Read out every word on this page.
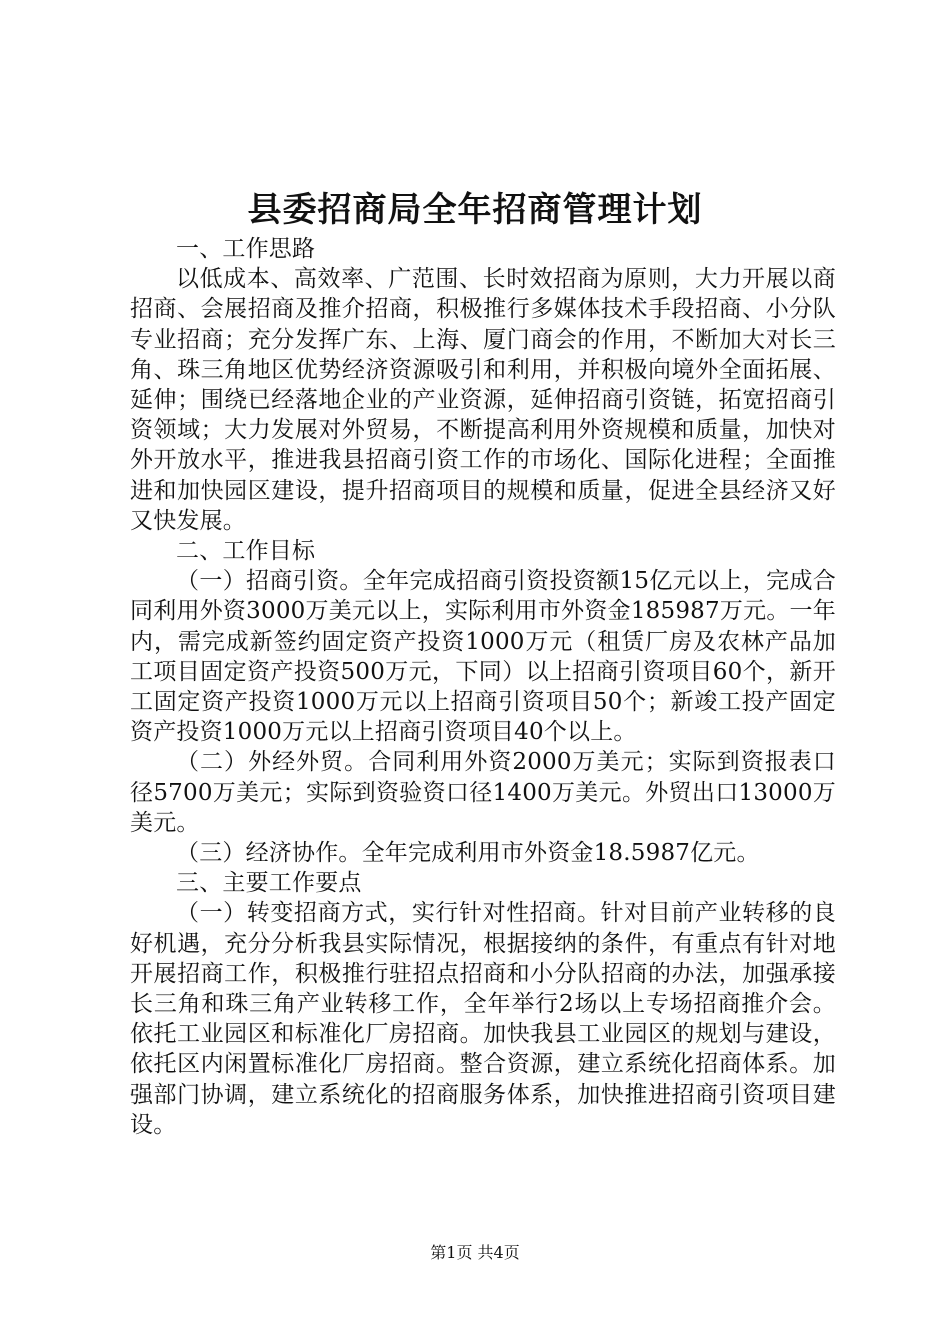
县委招商局全年招商管理计划

一、工作思路

以低成本、高效率、广范围、长时效招商为原则，大力开展以商招商、会展招商及推介招商，积极推行多媒体技术手段招商、小分队专业招商；充分发挥广东、上海、厦门商会的作用，不断加大对长三角、珠三角地区优势经济资源吸引和利用，并积极向境外全面拓展、延伸；围绕已经落地企业的产业资源，延伸招商引资链，拓宽招商引资领域；大力发展对外贸易，不断提高利用外资规模和质量，加快对外开放水平，推进我县招商引资工作的市场化、国际化进程；全面推进和加快园区建设，提升招商项目的规模和质量，促进全县经济又好又快发展。

二、工作目标

（一）招商引资。全年完成招商引资投资额15亿元以上，完成合同利用外资3000万美元以上，实际利用市外资金185987万元。一年内，需完成新签约固定资产投资1000万元（租赁厂房及农林产品加工项目固定资产投资500万元，下同）以上招商引资项目60个，新开工固定资产投资1000万元以上招商引资项目50个；新竣工投产固定资产投资1000万元以上招商引资项目40个以上。

（二）外经外贸。合同利用外资2000万美元；实际到资报表口径5700万美元；实际到资验资口径1400万美元。外贸出口13000万美元。

（三）经济协作。全年完成利用市外资金18.5987亿元。

三、主要工作要点

（一）转变招商方式，实行针对性招商。针对目前产业转移的良好机遇，充分分析我县实际情况，根据接纳的条件，有重点有针对地开展招商工作，积极推行驻招点招商和小分队招商的办法，加强承接长三角和珠三角产业转移工作，全年举行2场以上专场招商推介会。依托工业园区和标准化厂房招商。加快我县工业园区的规划与建设，依托区内闲置标准化厂房招商。整合资源，建立系统化招商体系。加强部门协调，建立系统化的招商服务体系，加快推进招商引资项目建设。

第1页 共4页
